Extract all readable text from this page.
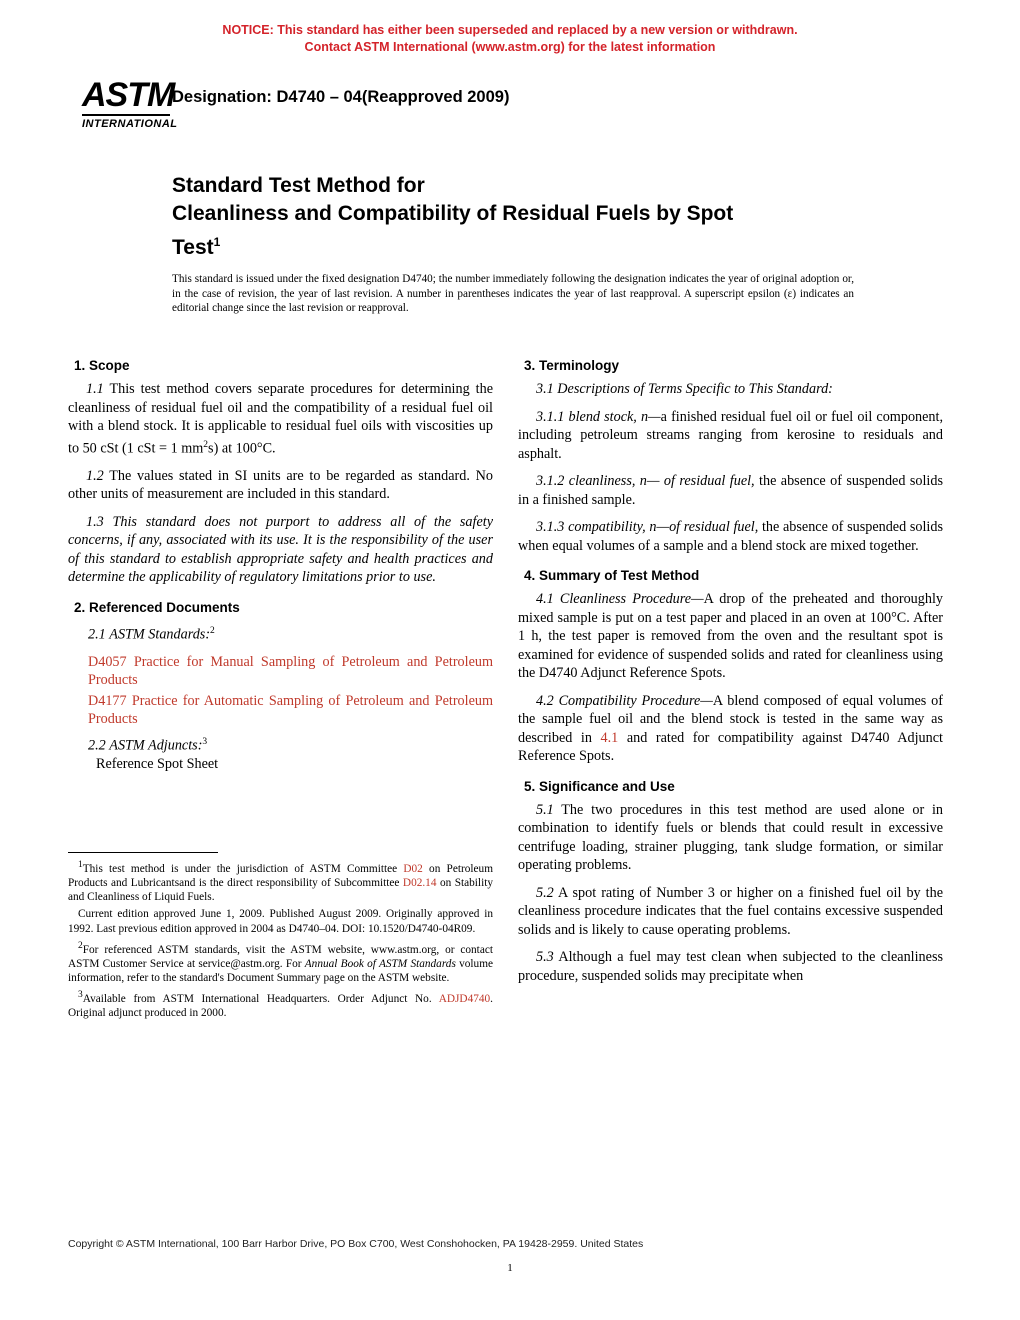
NOTICE: This standard has either been superseded and replaced by a new version or withdrawn.
Contact ASTM International (www.astm.org) for the latest information
ASTM
INTERNATIONAL
Designation: D4740 – 04(Reapproved 2009)
Standard Test Method for
Cleanliness and Compatibility of Residual Fuels by Spot
Test$^1$
This standard is issued under the fixed designation D4740; the number immediately following the designation indicates the year of original adoption or, in the case of revision, the year of last revision. A number in parentheses indicates the year of last reapproval. A superscript epsilon (ε) indicates an editorial change since the last revision or reapproval.
1. Scope

1.1 This test method covers separate procedures for determining the cleanliness of residual fuel oil and the compatibility of a residual fuel oil with a blend stock. It is applicable to residual fuel oils with viscosities up to 50 cSt (1 cSt = 1 $mm^2s$) at 100°C.

1.2 The values stated in SI units are to be regarded as standard. No other units of measurement are included in this standard.

1.3 This standard does not purport to address all of the safety concerns, if any, associated with its use. It is the responsibility of the user of this standard to establish appropriate safety and health practices and determine the applicability of regulatory limitations prior to use.

2. Referenced Documents

2.1 ASTM Standards:$^2$

D4057 Practice for Manual Sampling of Petroleum and Petroleum Products

D4177 Practice for Automatic Sampling of Petroleum and Petroleum Products

2.2 ASTM Adjuncts:$^3$

Reference Spot Sheet

3. Terminology

3.1 Descriptions of Terms Specific to This Standard:

3.1.1 blend stock, n—a finished residual fuel oil or fuel oil component, including petroleum streams ranging from kerosine to residuals and asphalt.

3.1.2 cleanliness, n— of residual fuel, the absence of suspended solids in a finished sample.

3.1.3 compatibility, n—of residual fuel, the absence of suspended solids when equal volumes of a sample and a blend stock are mixed together.

4. Summary of Test Method

4.1 Cleanliness Procedure—A drop of the preheated and thoroughly mixed sample is put on a test paper and placed in an oven at 100°C. After 1 h, the test paper is removed from the oven and the resultant spot is examined for evidence of suspended solids and rated for cleanliness using the D4740 Adjunct Reference Spots.

4.2 Compatibility Procedure—A blend composed of equal volumes of the sample fuel oil and the blend stock is tested in the same way as described in 4.1 and rated for compatibility against D4740 Adjunct Reference Spots.

5. Significance and Use

5.1 The two procedures in this test method are used alone or in combination to identify fuels or blends that could result in excessive centrifuge loading, strainer plugging, tank sludge formation, or similar operating problems.

5.2 A spot rating of Number 3 or higher on a finished fuel oil by the cleanliness procedure indicates that the fuel contains excessive suspended solids and is likely to cause operating problems.

5.3 Although a fuel may test clean when subjected to the cleanliness procedure, suspended solids may precipitate when

$^1$This test method is under the jurisdiction of ASTM Committee D02 on Petroleum Products and Lubricantsand is the direct responsibility of Subcommittee D02.14 on Stability and Cleanliness of Liquid Fuels.

Current edition approved June 1, 2009. Published August 2009. Originally approved in 1992. Last previous edition approved in 2004 as D4740–04. DOI: 10.1520/D4740-04R09.

$^2$For referenced ASTM standards, visit the ASTM website, www.astm.org, or contact ASTM Customer Service at service@astm.org. For Annual Book of ASTM Standards volume information, refer to the standard's Document Summary page on the ASTM website.

$^3$Available from ASTM International Headquarters. Order Adjunct No. ADJD4740. Original adjunct produced in 2000.

Copyright © ASTM International, 100 Barr Harbor Drive, PO Box C700, West Conshohocken, PA 19428-2959. United States
1
